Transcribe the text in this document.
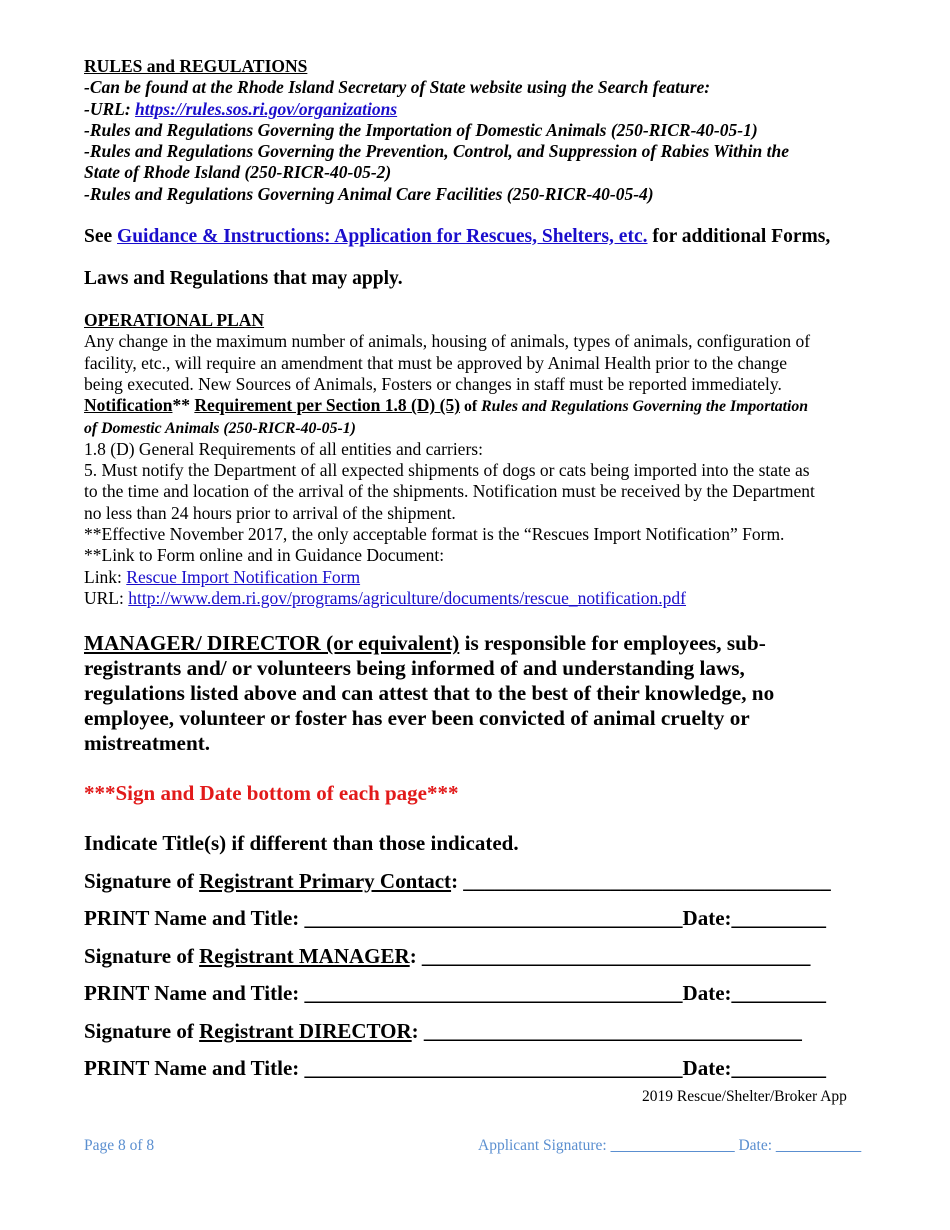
RULES and REGULATIONS

-Can be found at the Rhode Island Secretary of State website using the Search feature:

-URL: https://rules.sos.ri.gov/organizations

-Rules and Regulations Governing the Importation of Domestic Animals (250-RICR-40-05-1)

-Rules and Regulations Governing the Prevention, Control, and Suppression of Rabies Within the

State of Rhode Island (250-RICR-40-05-2)

-Rules and Regulations Governing Animal Care Facilities (250-RICR-40-05-4)

See Guidance & Instructions: Application for Rescues, Shelters, etc. for additional Forms,

Laws and Regulations that may apply.

OPERATIONAL PLAN

Any change in the maximum number of animals, housing of animals, types of animals, configuration of

facility, etc., will require an amendment that must be approved by Animal Health prior to the change

being executed. New Sources of Animals, Fosters or changes in staff must be reported immediately.

Notification** Requirement per Section 1.8 (D) (5) of Rules and Regulations Governing the Importation

of Domestic Animals (250-RICR-40-05-1)

1.8 (D) General Requirements of all entities and carriers:

5. Must notify the Department of all expected shipments of dogs or cats being imported into the state as

to the time and location of the arrival of the shipments. Notification must be received by the Department

no less than 24 hours prior to arrival of the shipment.

**Effective November 2017, the only acceptable format is the “Rescues Import Notification” Form.

**Link to Form online and in Guidance Document:

Link: Rescue Import Notification Form

URL: http://www.dem.ri.gov/programs/agriculture/documents/rescue_notification.pdf

MANAGER/ DIRECTOR (or equivalent) is responsible for employees, sub-
registrants and/ or volunteers being informed of and understanding laws,
regulations listed above and can attest that to the best of their knowledge, no
employee, volunteer or foster has ever been convicted of animal cruelty or
mistreatment.
***Sign and Date bottom of each page***
Indicate Title(s) if different than those indicated.
Signature of Registrant Primary Contact: ___________________________________
PRINT Name and Title: ____________________________________Date:_________
Signature of Registrant MANAGER: _____________________________________
PRINT Name and Title: ____________________________________Date:_________
Signature of Registrant DIRECTOR: ____________________________________
PRINT Name and Title: ____________________________________Date:_________
2019 Rescue/Shelter/Broker App
Page 8 of 8	Applicant Signature: ________________ Date: ___________
